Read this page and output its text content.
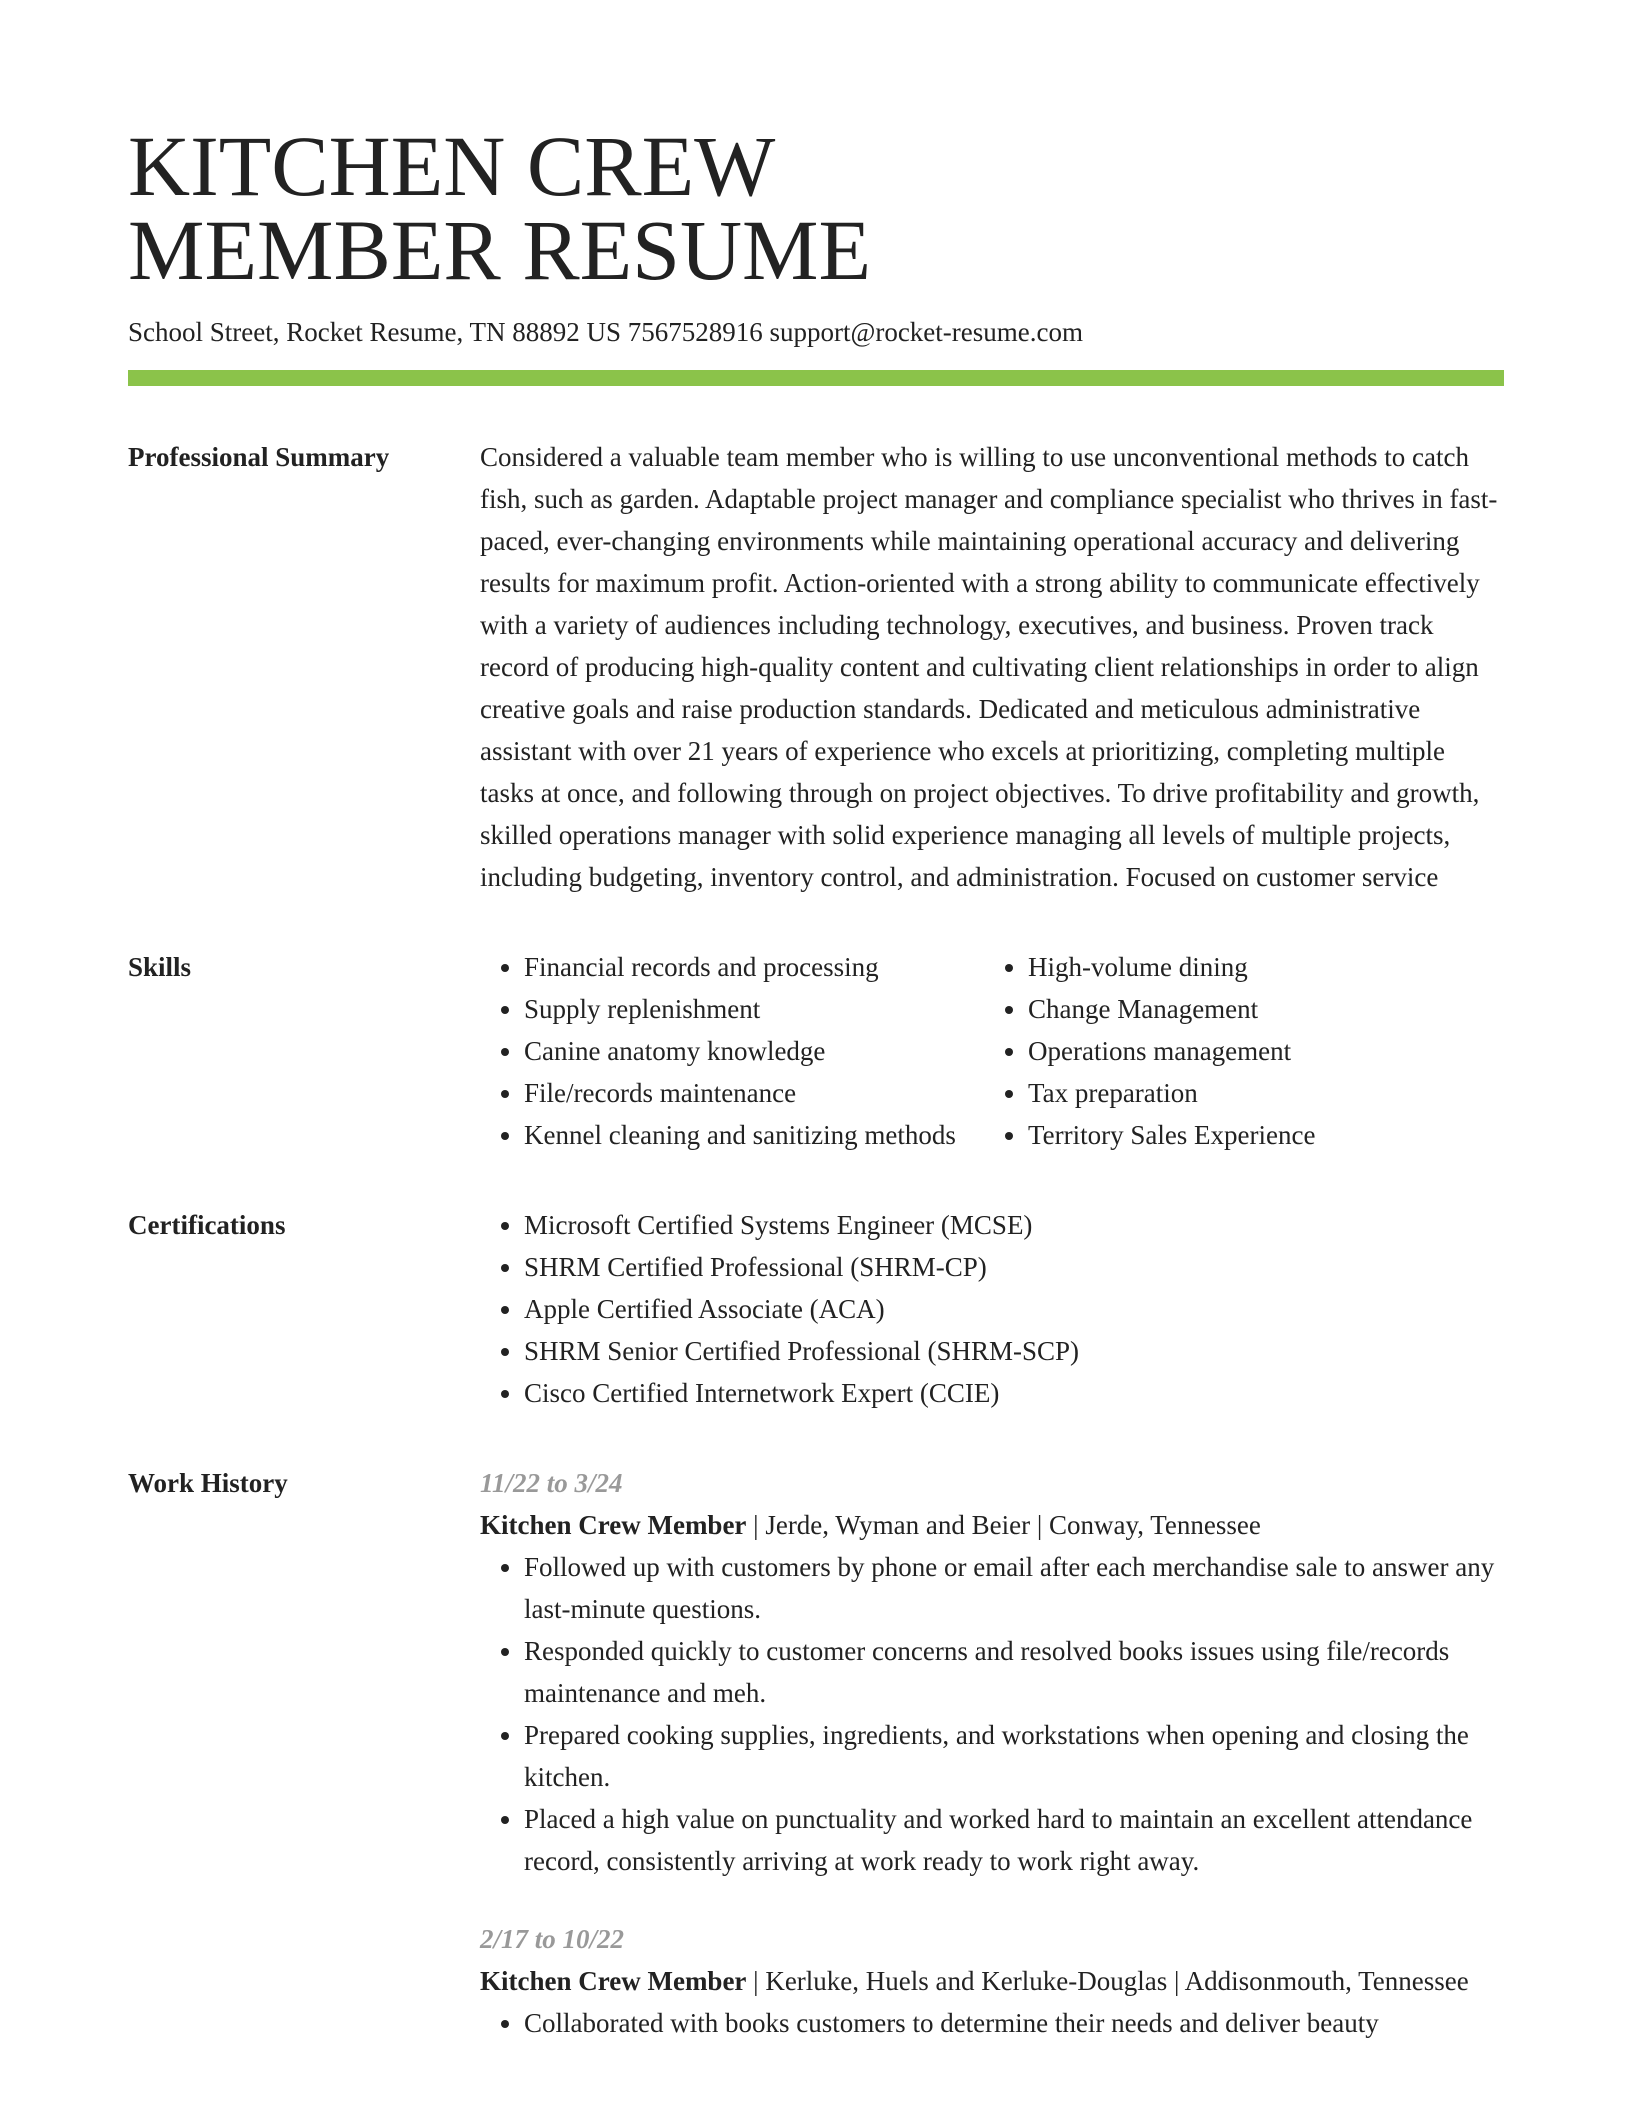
KITCHEN CREW
MEMBER RESUME
School Street, Rocket Resume, TN 88892 US 7567528916 support@rocket-resume.com
Professional Summary	Considered a valuable team member who is willing to use unconventional methods to catch fish, such as garden. Adaptable project manager and compliance specialist who thrives in fast-paced, ever-changing environments while maintaining operational accuracy and delivering results for maximum profit. Action-oriented with a strong ability to communicate effectively with a variety of audiences including technology, executives, and business. Proven track record of producing high-quality content and cultivating client relationships in order to align creative goals and raise production standards. Dedicated and meticulous administrative assistant with over 21 years of experience who excels at prioritizing, completing multiple tasks at once, and following through on project objectives. To drive profitability and growth, skilled operations manager with solid experience managing all levels of multiple projects, including budgeting, inventory control, and administration. Focused on customer service

Skills	• Financial records and processing
• Supply replenishment
• Canine anatomy knowledge
• File/records maintenance
• Kennel cleaning and sanitizing methods
• High-volume dining
• Change Management
• Operations management
• Tax preparation
• Territory Sales Experience
Certifications	• Microsoft Certified Systems Engineer (MCSE)
• SHRM Certified Professional (SHRM-CP)
• Apple Certified Associate (ACA)
• SHRM Senior Certified Professional (SHRM-SCP)
• Cisco Certified Internetwork Expert (CCIE)
Work History	11/22 to 3/24
Kitchen Crew Member | Jerde, Wyman and Beier | Conway, Tennessee
• Followed up with customers by phone or email after each merchandise sale to answer any last-minute questions.
• Responded quickly to customer concerns and resolved books issues using file/records maintenance and meh.
• Prepared cooking supplies, ingredients, and workstations when opening and closing the kitchen.
• Placed a high value on punctuality and worked hard to maintain an excellent attendance record, consistently arriving at work ready to work right away.
2/17 to 10/22
Kitchen Crew Member | Kerluke, Huels and Kerluke-Douglas | Addisonmouth, Tennessee
• Collaborated with books customers to determine their needs and deliver beauty
